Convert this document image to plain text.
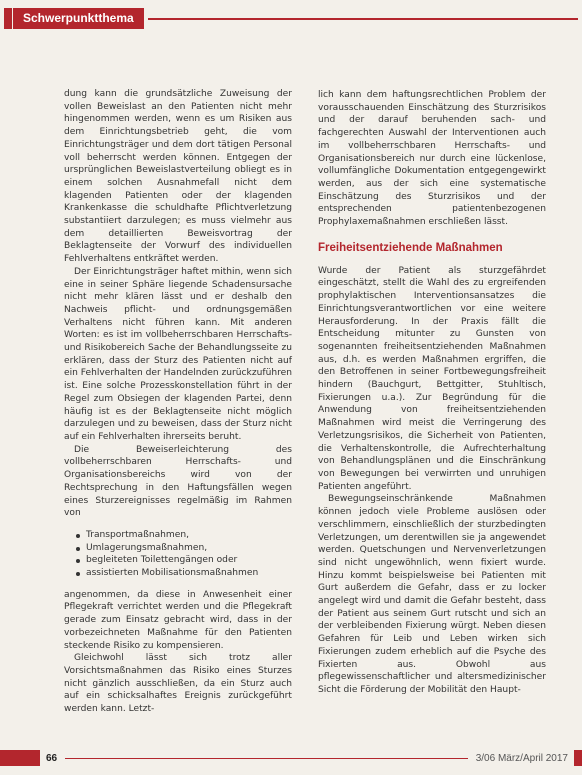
Schwerpunktthema

dung kann die grundsätzliche Zuweisung der vollen Beweislast an den Patienten nicht mehr hingenommen werden, wenn es um Risiken aus dem Einrichtungsbetrieb geht, die vom Einrichtungsträger und dem dort tätigen Personal voll beherrscht werden können. Entgegen der ursprünglichen Beweislastverteilung obliegt es in einem solchen Ausnahmefall nicht dem klagenden Patienten oder der klagenden Krankenkasse die schuldhafte Pflichtverletzung substantiiert darzulegen; es muss vielmehr aus dem detaillierten Beweisvortrag der Beklagtenseite der Vorwurf des individuellen Fehlverhaltens entkräftet werden.

Der Einrichtungsträger haftet mithin, wenn sich eine in seiner Sphäre liegende Schadensursache nicht mehr klären lässt und er deshalb den Nachweis pflicht- und ordnungsgemäßen Verhaltens nicht führen kann. Mit anderen Worten: es ist im vollbeherrschbaren Herrschafts- und Risikobereich Sache der Behandlungsseite zu erklären, dass der Sturz des Patienten nicht auf ein Fehlverhalten der Handelnden zurückzuführen ist. Eine solche Prozesskonstellation führt in der Regel zum Obsiegen der klagenden Partei, denn häufig ist es der Beklagtenseite nicht möglich darzulegen und zu beweisen, dass der Sturz nicht auf ein Fehlverhalten ihrerseits beruht.

Die Beweiserleichterung des vollbeherrschbaren Herrschafts- und Organisationsbereichs wird von der Rechtsprechung in den Haftungsfällen wegen eines Sturzereignisses regelmäßig im Rahmen von

Transportmaßnahmen,
Umlagerungsmaßnahmen,
begleiteten Toilettengängen oder
assistierten Mobilisationsmaßnahmen

angenommen, da diese in Anwesenheit einer Pflegekraft verrichtet werden und die Pflegekraft gerade zum Einsatz gebracht wird, dass in der vorbezeichneten Maßnahme für den Patienten steckende Risiko zu kompensieren.

Gleichwohl lässt sich trotz aller Vorsichtsmaßnahmen das Risiko eines Sturzes nicht gänzlich ausschließen, da ein Sturz auch auf ein schicksalhaftes Ereignis zurückgeführt werden kann. Letzt-

lich kann dem haftungsrechtlichen Problem der vorausschauenden Einschätzung des Sturzrisikos und der darauf beruhenden sach- und fachgerechten Auswahl der Interventionen auch im vollbeherrschbaren Herrschafts- und Organisationsbereich nur durch eine lückenlose, vollumfängliche Dokumentation entgegengewirkt werden, aus der sich eine systematische Einschätzung des Sturzrisikos und der entsprechenden patientenbezogenen Prophylaxemaßnahmen erschließen lässt.

Freiheitsentziehende Maßnahmen

Wurde der Patient als sturzgefährdet eingeschätzt, stellt die Wahl des zu ergreifenden prophylaktischen Interventionsansatzes die Einrichtungsverantwortlichen vor eine weitere Herausforderung. In der Praxis fällt die Entscheidung mitunter zu Gunsten von sogenannten freiheitsentziehenden Maßnahmen aus, d.h. es werden Maßnahmen ergriffen, die den Betroffenen in seiner Fortbewegungsfreiheit hindern (Bauchgurt, Bettgitter, Stuhltisch, Fixierungen u.a.). Zur Begründung für die Anwendung von freiheitsentziehenden Maßnahmen wird meist die Verringerung des Verletzungsrisikos, die Sicherheit von Patienten, die Verhaltenskontrolle, die Aufrechterhaltung von Behandlungsplänen und die Einschränkung von Bewegungen bei verwirrten und unruhigen Patienten angeführt.

Bewegungseinschränkende Maßnahmen können jedoch viele Probleme auslösen oder verschlimmern, einschließlich der sturzbedingten Verletzungen, um derentwillen sie ja angewendet werden. Quetschungen und Nervenverletzungen sind nicht ungewöhnlich, wenn fixiert wurde. Hinzu kommt beispielsweise bei Patienten mit Gurt außerdem die Gefahr, dass er zu locker angelegt wird und damit die Gefahr besteht, dass der Patient aus seinem Gurt rutscht und sich an der verbleibenden Fixierung würgt. Neben diesen Gefahren für Leib und Leben wirken sich Fixierungen zudem erheblich auf die Psyche des Fixierten aus. Obwohl aus pflegewissenschaftlicher und altersmedizinischer Sicht die Förderung der Mobilität den Haupt-

66	3/06 März/April 2017
